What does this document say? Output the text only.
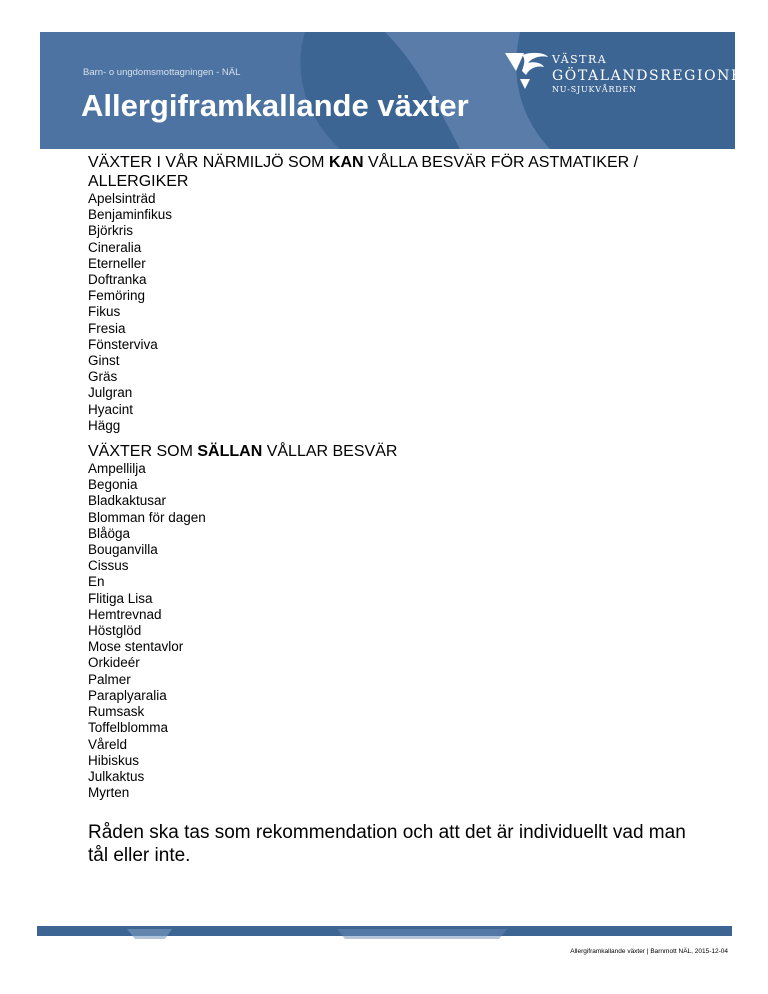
Barn- o ungdomsmottagningen - NÄL
Allergiframkallande växter
VÄSTRA
GÖTALANDSREGIONEN
NU-SJUKVÅRDEN

VÄXTER I VÅR NÄRMILJÖ SOM KAN VÅLLA BESVÄR FÖR ASTMATIKER / ALLERGIKER

Apelsinträd
Benjaminfikus
Björkris
Cineralia
Eterneller
Doftranka
Femöring
Fikus
Fresia
Fönsterviva
Ginst
Gräs
Julgran
Hyacint
Hägg

VÄXTER SOM SÄLLAN VÅLLAR BESVÄR

Ampellilja
Begonia
Bladkaktusar
Blomman för dagen
Blåöga
Bouganvilla
Cissus
En
Flitiga Lisa
Hemtrevnad
Höstglöd
Mose stentavlor
Orkideér
Palmer
Paraplyaralia
Rumsask
Toffelblomma
Våreld
Hibiskus
Julkaktus
Myrten

Råden ska tas som rekommendation och att det är individuellt vad man tål eller inte.

Allergiframkallande växter | Barnmott NÄL, 2015-12-04
